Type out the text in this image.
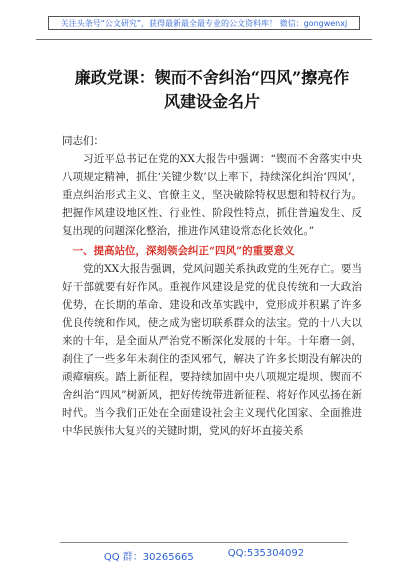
关注头条号“公文研究”，获得最新最全最专业的公文资料库！ 微信：gongwenxj
廉政党课：锲而不舍纠治“四风”擦亮作
风建设金名片
同志们：

习近平总书记在党的XX大报告中强调：“锲而不舍落实中央八项规定精神，抓住‘关键少数’以上率下，持续深化纠治‘四风’，重点纠治形式主义、官僚主义，坚决破除特权思想和特权行为。把握作风建设地区性、行业性、阶段性特点，抓住普遍发生、反复出现的问题深化整治，推进作风建设常态化长效化。”

一、提高站位，深刻领会纠正“四风”的重要意义

党的XX大报告强调，党风问题关系执政党的生死存亡。要当好干部就要有好作风。重视作风建设是党的优良传统和一大政治优势，在长期的革命、建设和改革实践中，党形成并积累了许多优良传统和作风，使之成为密切联系群众的法宝。党的十八大以来的十年，是全面从严治党不断深化发展的十年。十年磨一剑，刹住了一些多年未刹住的歪风邪气，解决了许多长期没有解决的顽瘴痼疾。踏上新征程，要持续加固中央八项规定堤坝、锲而不舍纠治“四风”树新风，把好传统带进新征程、将好作风弘扬在新时代。当今我们正处在全面建设社会主义现代化国家、全面推进中华民族伟大复兴的关键时期，党风的好坏直接关系

QQ 群：30265665	QQ:535304092
